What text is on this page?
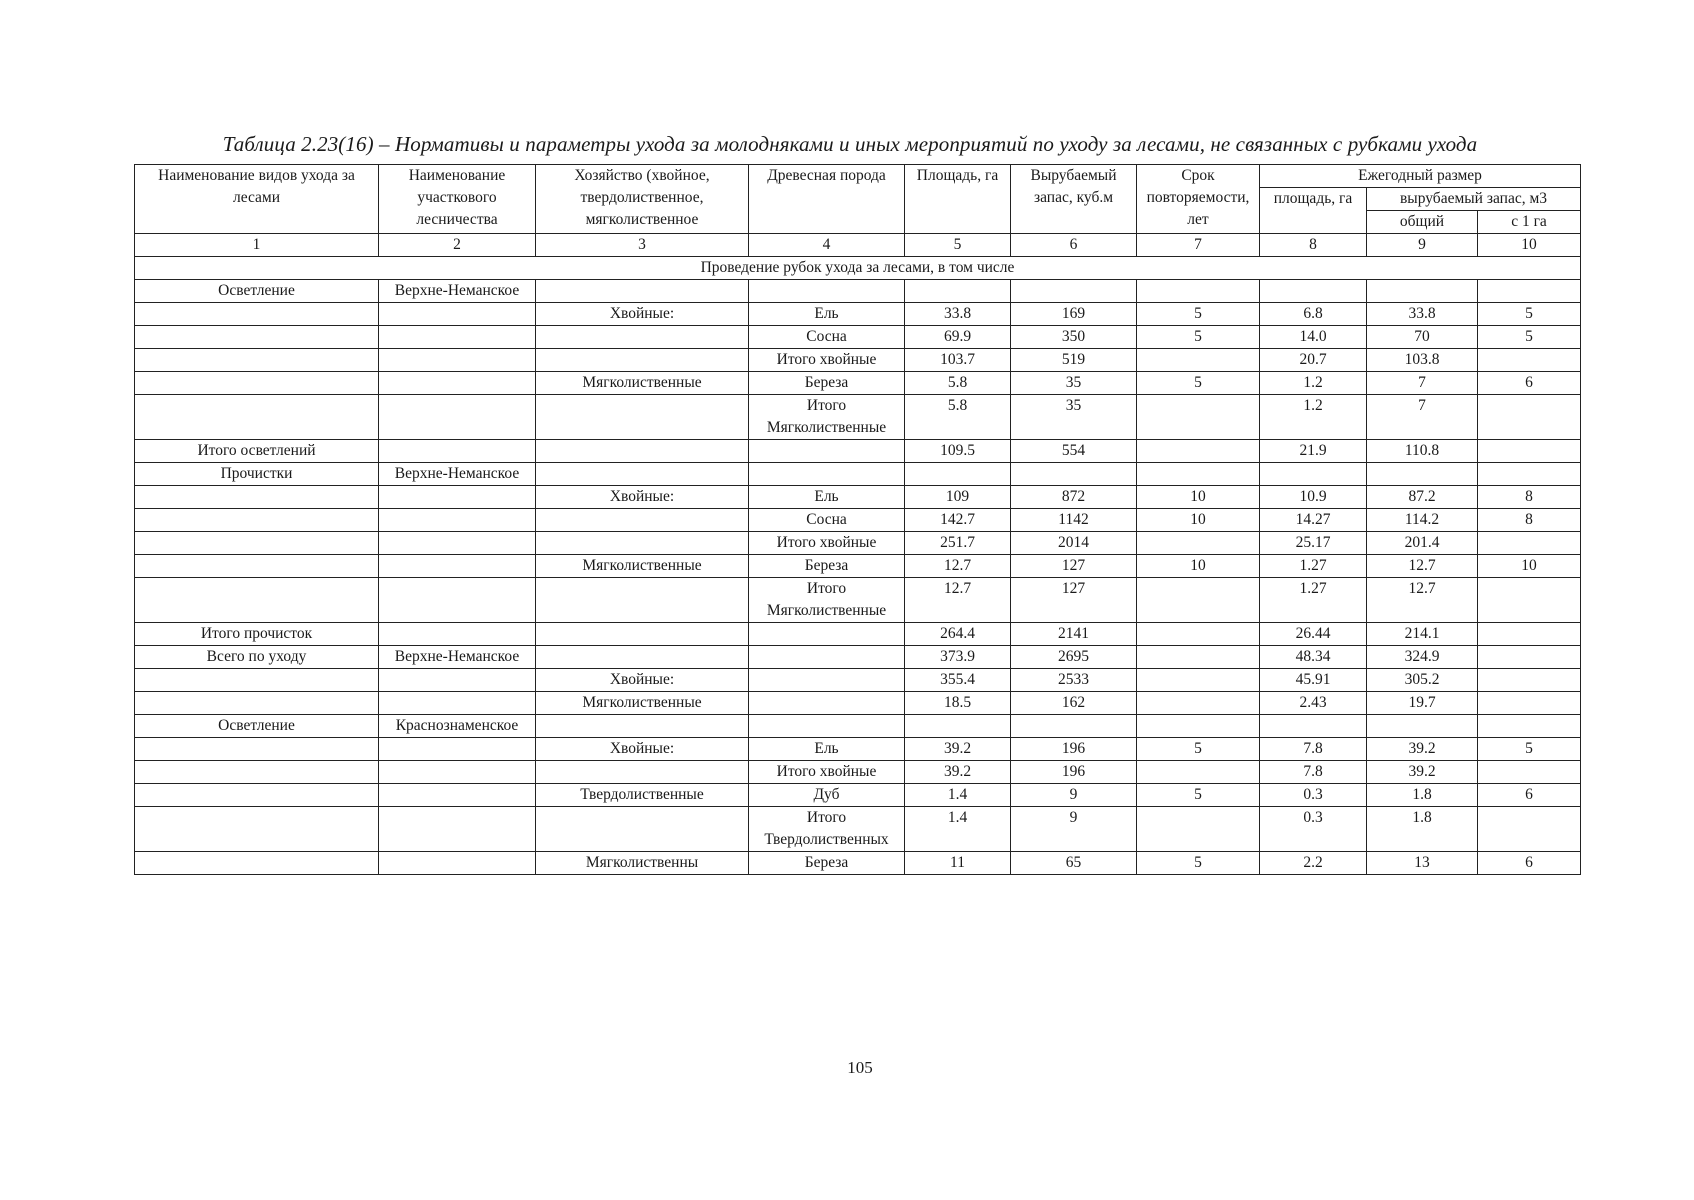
Таблица 2.23(16) – Нормативы и параметры ухода за молодняками и иных мероприятий по уходу за лесами, не связанных с рубками ухода
Наименование видов ухода за лесами	Наименование участкового лесничества	Хозяйство (хвойное, твердолиственное, мягколиственное	Древесная порода	Площадь, га	Вырубаемый запас, куб.м	Срок повторяемости, лет	Ежегодный размер		
							площадь, га	вырубаемый запас, м3	
								общий	с 1 га
1	2	3	4	5	6	7	8	9	10
Проведение рубок ухода за лесами, в том числе									
Осветление	Верхне-Неманское								
		Хвойные:	Ель	33.8	169	5	6.8	33.8	5
			Сосна	69.9	350	5	14.0	70	5
			Итого хвойные	103.7	519		20.7	103.8	
		Мягколиственные	Береза	5.8	35	5	1.2	7	6
			Итого Мягколиственные	5.8	35		1.2	7	
Итого осветлений				109.5	554		21.9	110.8	
Прочистки	Верхне-Неманское								
		Хвойные:	Ель	109	872	10	10.9	87.2	8
			Сосна	142.7	1142	10	14.27	114.2	8
			Итого хвойные	251.7	2014		25.17	201.4	
		Мягколиственные	Береза	12.7	127	10	1.27	12.7	10
			Итого Мягколиственные	12.7	127		1.27	12.7	
Итого прочисток				264.4	2141		26.44	214.1	
Всего по уходу	Верхне-Неманское			373.9	2695		48.34	324.9	
		Хвойные:		355.4	2533		45.91	305.2	
		Мягколиственные		18.5	162		2.43	19.7	
Осветление	Краснознаменское								
		Хвойные:	Ель	39.2	196	5	7.8	39.2	5
			Итого хвойные	39.2	196		7.8	39.2	
		Твердолиственные	Дуб	1.4	9	5	0.3	1.8	6
			Итого Твердолиственных	1.4	9		0.3	1.8	
		Мягколиственны	Береза	11	65	5	2.2	13	6
105
